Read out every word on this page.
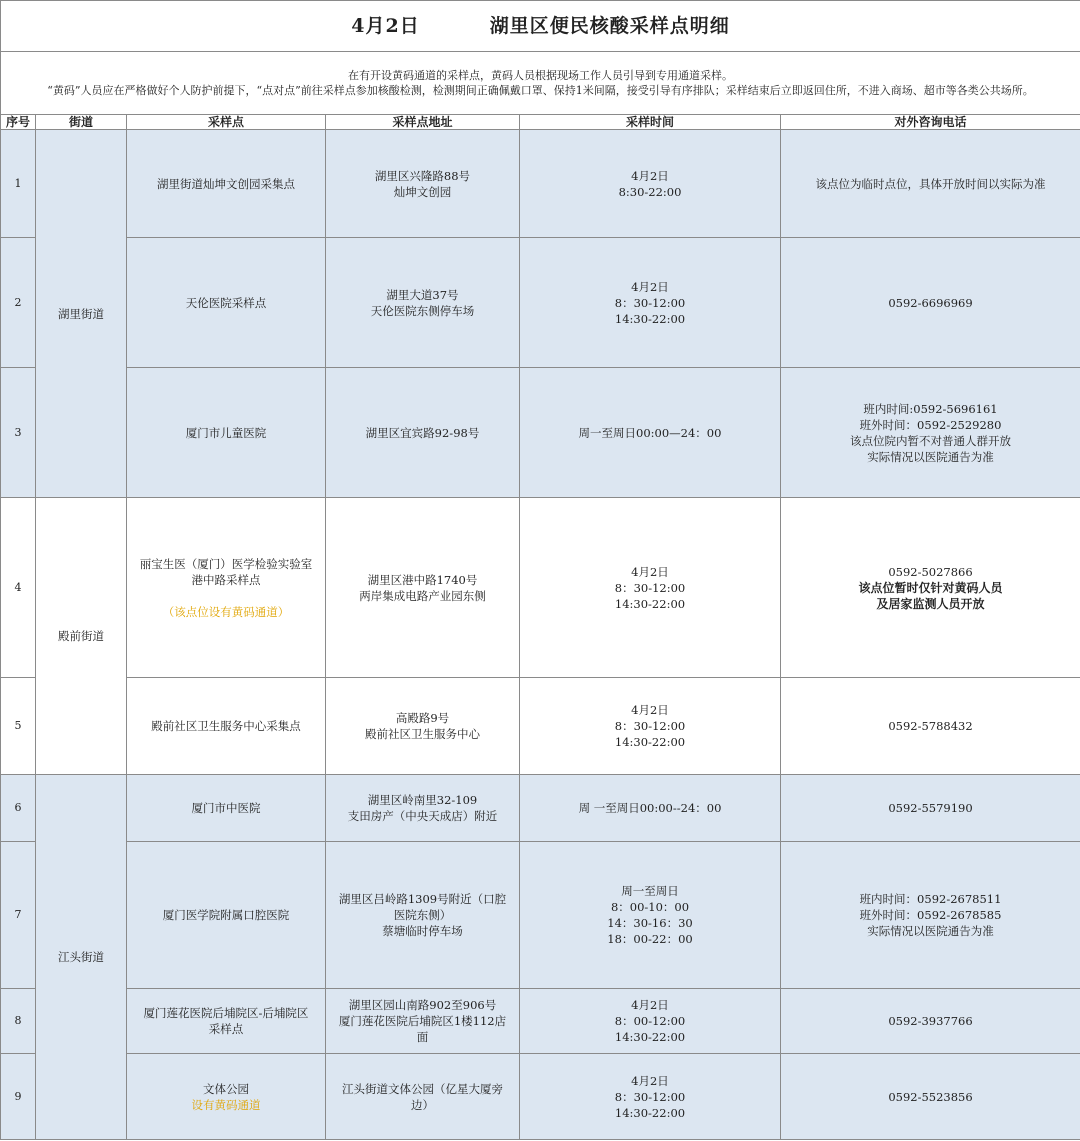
4月2日 湖里区便民核酸采样点明细					

在有开设黄码通道的采样点，黄码人员根据现场工作人员引导到专用通道采样。
“黄码”人员应在严格做好个人防护前提下，“点对点”前往采样点参加核酸检测，检测期间正确佩戴口罩、保持1米间隔，接受引导有序排队；采样结束后立即返回住所，不进入商场、超市等各类公共场所。					

序号	街道	采样点	采样点地址	采样时间	对外咨询电话
1	湖里街道	湖里街道灿坤文创园采集点	湖里区兴隆路88号
灿坤文创园	4月2日
8:30-22:00	该点位为临时点位，具体开放时间以实际为准

2		天伦医院采样点	湖里大道37号
天伦医院东侧停车场	4月2日
8：30-12:00
14:30-22:00	0592-6696969

3		厦门市儿童医院	湖里区宜宾路92-98号	周一至周日00:00—24：00	班内时间:0592-5696161
班外时间：0592-2529280
该点位院内暂不对普通人群开放
实际情况以医院通告为准

4	殿前街道	丽宝生医（厦门）医学检验实验室
港中路采样点

（该点位设有黄码通道）	湖里区港中路1740号
两岸集成电路产业园东侧	4月2日
8：30-12:00
14:30-22:00	0592-5027866
该点位暂时仅针对黄码人员
及居家监测人员开放

5		殿前社区卫生服务中心采集点	高殿路9号
殿前社区卫生服务中心	4月2日
8：30-12:00
14:30-22:00	0592-5788432

6	江头街道	厦门市中医院	湖里区岭南里32-109
支田房产（中央天成店）附近	周 一至周日00:00--24：00	0592-5579190

7		厦门医学院附属口腔医院	湖里区吕岭路1309号附近（口腔
医院东侧）
蔡塘临时停车场	周一至周日
8：00-10：00
14：30-16：30
18：00-22：00	班内时间：0592-2678511
班外时间：0592-2678585
实际情况以医院通告为准

8		厦门莲花医院后埔院区-后埔院区
采样点	湖里区园山南路902至906号
厦门莲花医院后埔院区1楼112店
面	4月2日
8：00-12:00
14:30-22:00	0592-3937766

9		文体公园
设有黄码通道	江头街道文体公园（亿星大厦旁
边）	4月2日
8：30-12:00
14:30-22:00	0592-5523856
